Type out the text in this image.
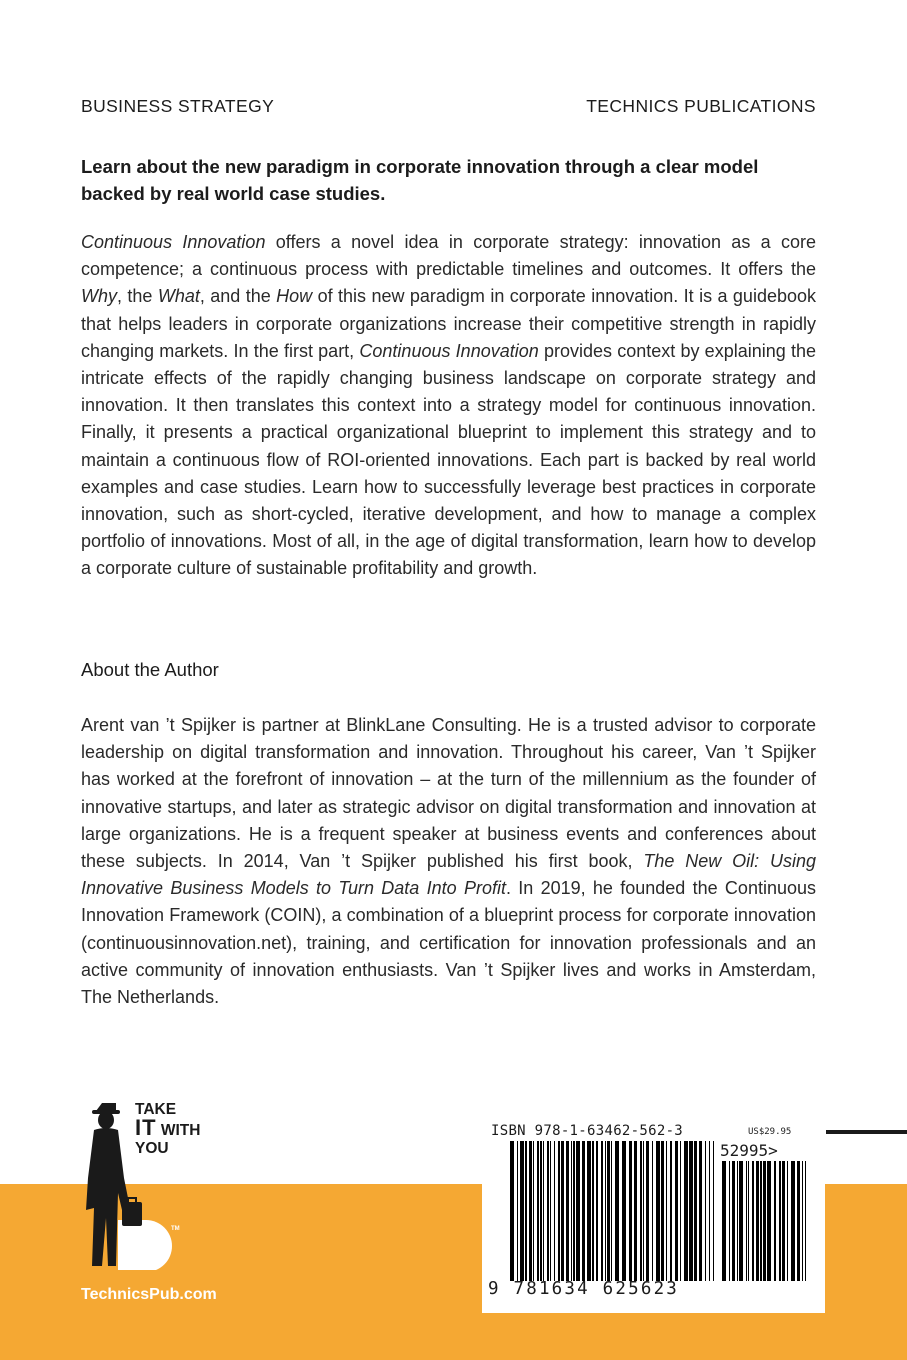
BUSINESS STRATEGY	TECHNICS PUBLICATIONS
Learn about the new paradigm in corporate innovation through a clear model backed by real world case studies.
Continuous Innovation offers a novel idea in corporate strategy: innovation as a core competence; a continuous process with predictable timelines and outcomes. It offers the Why, the What, and the How of this new paradigm in corporate innovation. It is a guidebook that helps leaders in corporate organizations increase their competitive strength in rapidly changing markets. In the first part, Continuous Innovation provides context by explaining the intricate effects of the rapidly changing business landscape on corporate strategy and innovation. It then translates this context into a strategy model for continuous innovation. Finally, it presents a practical organizational blueprint to implement this strategy and to maintain a continuous flow of ROI-oriented innovations. Each part is backed by real world examples and case studies. Learn how to successfully leverage best practices in corporate innovation, such as short-cycled, iterative development, and how to manage a complex portfolio of innovations. Most of all, in the age of digital transformation, learn how to develop a corporate culture of sustainable profitability and growth.
About the Author
Arent van ’t Spijker is partner at BlinkLane Consulting. He is a trusted advisor to corporate leadership on digital transformation and innovation. Throughout his career, Van ’t Spijker has worked at the forefront of innovation – at the turn of the millennium as the founder of innovative startups, and later as strategic advisor on digital transformation and innovation at large organizations. He is a frequent speaker at business events and conferences about these subjects. In 2014, Van ’t Spijker published his first book, The New Oil: Using Innovative Business Models to Turn Data Into Profit. In 2019, he founded the Continuous Innovation Framework (COIN), a combination of a blueprint process for corporate innovation (continuousinnovation.net), training, and certification for innovation professionals and an active community of innovation enthusiasts. Van ’t Spijker lives and works in Amsterdam, The Netherlands.
TAKE
IT WITH
YOU
TM
TechnicsPub.com
ISBN 978-1-63462-562-3	US$29.95
52995>
9 781634 625623
